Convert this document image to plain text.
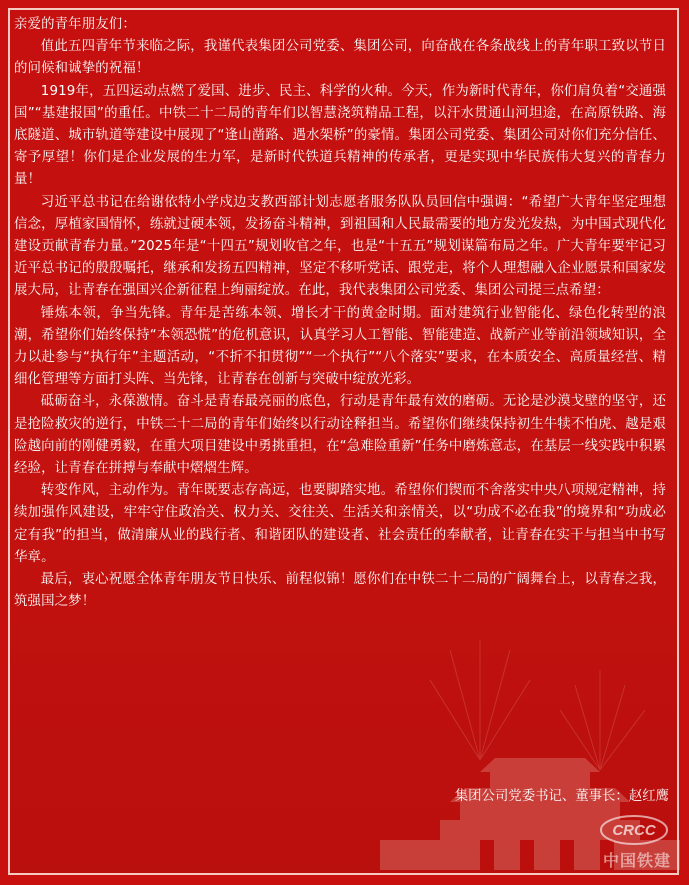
亲爱的青年朋友们：

值此五四青年节来临之际，我谨代表集团公司党委、集团公司，向奋战在各条战线上的青年职工致以节日的问候和诚挚的祝福！

1919年，五四运动点燃了爱国、进步、民主、科学的火种。今天，作为新时代青年，你们肩负着“交通强国”“基建报国”的重任。中铁二十二局的青年们以智慧浇筑精品工程，以汗水贯通山河坦途，在高原铁路、海底隧道、城市轨道等建设中展现了“逢山凿路、遇水架桥”的豪情。集团公司党委、集团公司对你们充分信任、寄予厚望！你们是企业发展的生力军，是新时代铁道兵精神的传承者，更是实现中华民族伟大复兴的青春力量！

习近平总书记在给谢依特小学戍边支教西部计划志愿者服务队队员回信中强调：“希望广大青年坚定理想信念，厚植家国情怀，练就过硬本领，发扬奋斗精神，到祖国和人民最需要的地方发光发热，为中国式现代化建设贡献青春力量。”2025年是“十四五”规划收官之年，也是“十五五”规划谋篇布局之年。广大青年要牢记习近平总书记的殷殷嘱托，继承和发扬五四精神，坚定不移听党话、跟党走，将个人理想融入企业愿景和国家发展大局，让青春在强国兴企新征程上绚丽绽放。在此，我代表集团公司党委、集团公司提三点希望：

锤炼本领，争当先锋。青年是苦练本领、增长才干的黄金时期。面对建筑行业智能化、绿色化转型的浪潮，希望你们始终保持“本领恐慌”的危机意识，认真学习人工智能、智能建造、战新产业等前沿领域知识，全力以赴参与“执行年”主题活动，“不折不扣贯彻”“一个执行”“八个落实”要求，在本质安全、高质量经营、精细化管理等方面打头阵、当先锋，让青春在创新与突破中绽放光彩。

砥砺奋斗，永葆激情。奋斗是青春最亮丽的底色，行动是青年最有效的磨砺。无论是沙漠戈壁的坚守，还是抢险救灾的逆行，中铁二十二局的青年们始终以行动诠释担当。希望你们继续保持初生牛犊不怕虎、越是艰险越向前的刚健勇毅，在重大项目建设中勇挑重担，在“急难险重新”任务中磨炼意志，在基层一线实践中积累经验，让青春在拼搏与奉献中熠熠生辉。

转变作风，主动作为。青年既要志存高远，也要脚踏实地。希望你们锲而不舍落实中央八项规定精神，持续加强作风建设，牢牢守住政治关、权力关、交往关、生活关和亲情关，以“功成不必在我”的境界和“功成必定有我”的担当，做清廉从业的践行者、和谐团队的建设者、社会责任的奉献者，让青春在实干与担当中书写华章。

最后，衷心祝愿全体青年朋友节日快乐、前程似锦！愿你们在中铁二十二局的广阔舞台上，以青春之我，筑强国之梦！

集团公司党委书记、董事长：赵红鹰
CRCC
中国铁建
